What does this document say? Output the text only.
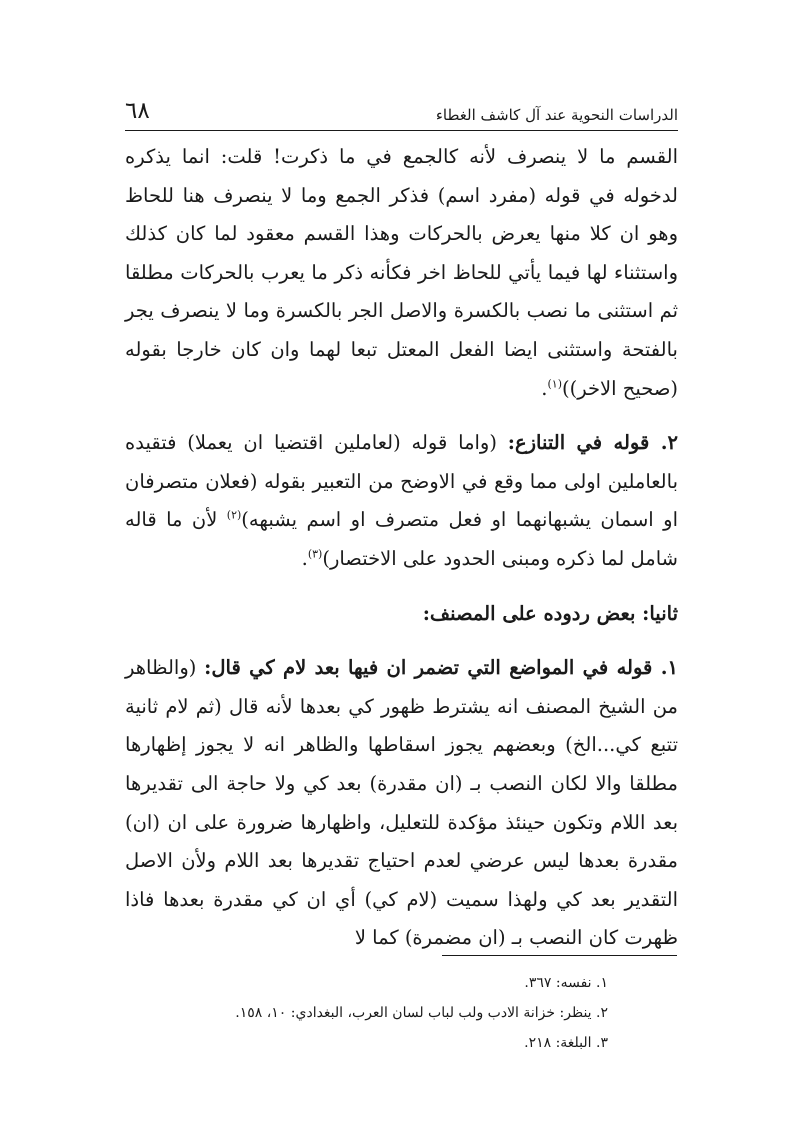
٦٨	الدراسات النحوية عند آل كاشف الغطاء

القسم ما لا ينصرف لأنه كالجمع في ما ذكرت! قلت: انما يذكره لدخوله في قوله (مفرد اسم) فذكر الجمع وما لا ينصرف هنا للحاظ وهو ان كلا منها يعرض بالحركات وهذا القسم معقود لما كان كذلك واستثناء لها فيما يأتي للحاظ اخر فكأنه ذكر ما يعرب بالحركات مطلقا ثم استثنى ما نصب بالكسرة والاصل الجر بالكسرة وما لا ينصرف يجر بالفتحة واستثنى ايضا الفعل المعتل تبعا لهما وان كان خارجا بقوله (صحيح الاخر))$^{(١)}$.

٢. قوله في التنازع: (واما قوله (لعاملين اقتضيا ان يعملا) فتقيده بالعاملين اولى مما وقع في الاوضح من التعبير بقوله (فعلان متصرفان او اسمان يشبهانهما او فعل متصرف او اسم يشبهه)$^{(٢)}$ لأن ما قاله شامل لما ذكره ومبنى الحدود على الاختصار)$^{(٣)}$.

ثانيا: بعض ردوده على المصنف:

١. قوله في المواضع التي تضمر ان فيها بعد لام كي قال: (والظاهر من الشيخ المصنف انه يشترط ظهور كي بعدها لأنه قال (ثم لام ثانية تتبع كي...الخ) وبعضهم يجوز اسقاطها والظاهر انه لا يجوز إظهارها مطلقا والا لكان النصب بـ (ان مقدرة) بعد كي ولا حاجة الى تقديرها بعد اللام وتكون حينئذ مؤكدة للتعليل، واظهارها ضرورة على ان (ان) مقدرة بعدها ليس عرضي لعدم احتياج تقديرها بعد اللام ولأن الاصل التقدير بعد كي ولهذا سميت (لام كي) أي ان كي مقدرة بعدها فاذا ظهرت كان النصب بـ (ان مضمرة) كما لا

١. نفسه: ٣٦٧.
٢. ينظر: خزانة الادب ولب لباب لسان العرب، البغدادي: ١٠، ١٥٨.
٣. البلغة: ٢١٨.
